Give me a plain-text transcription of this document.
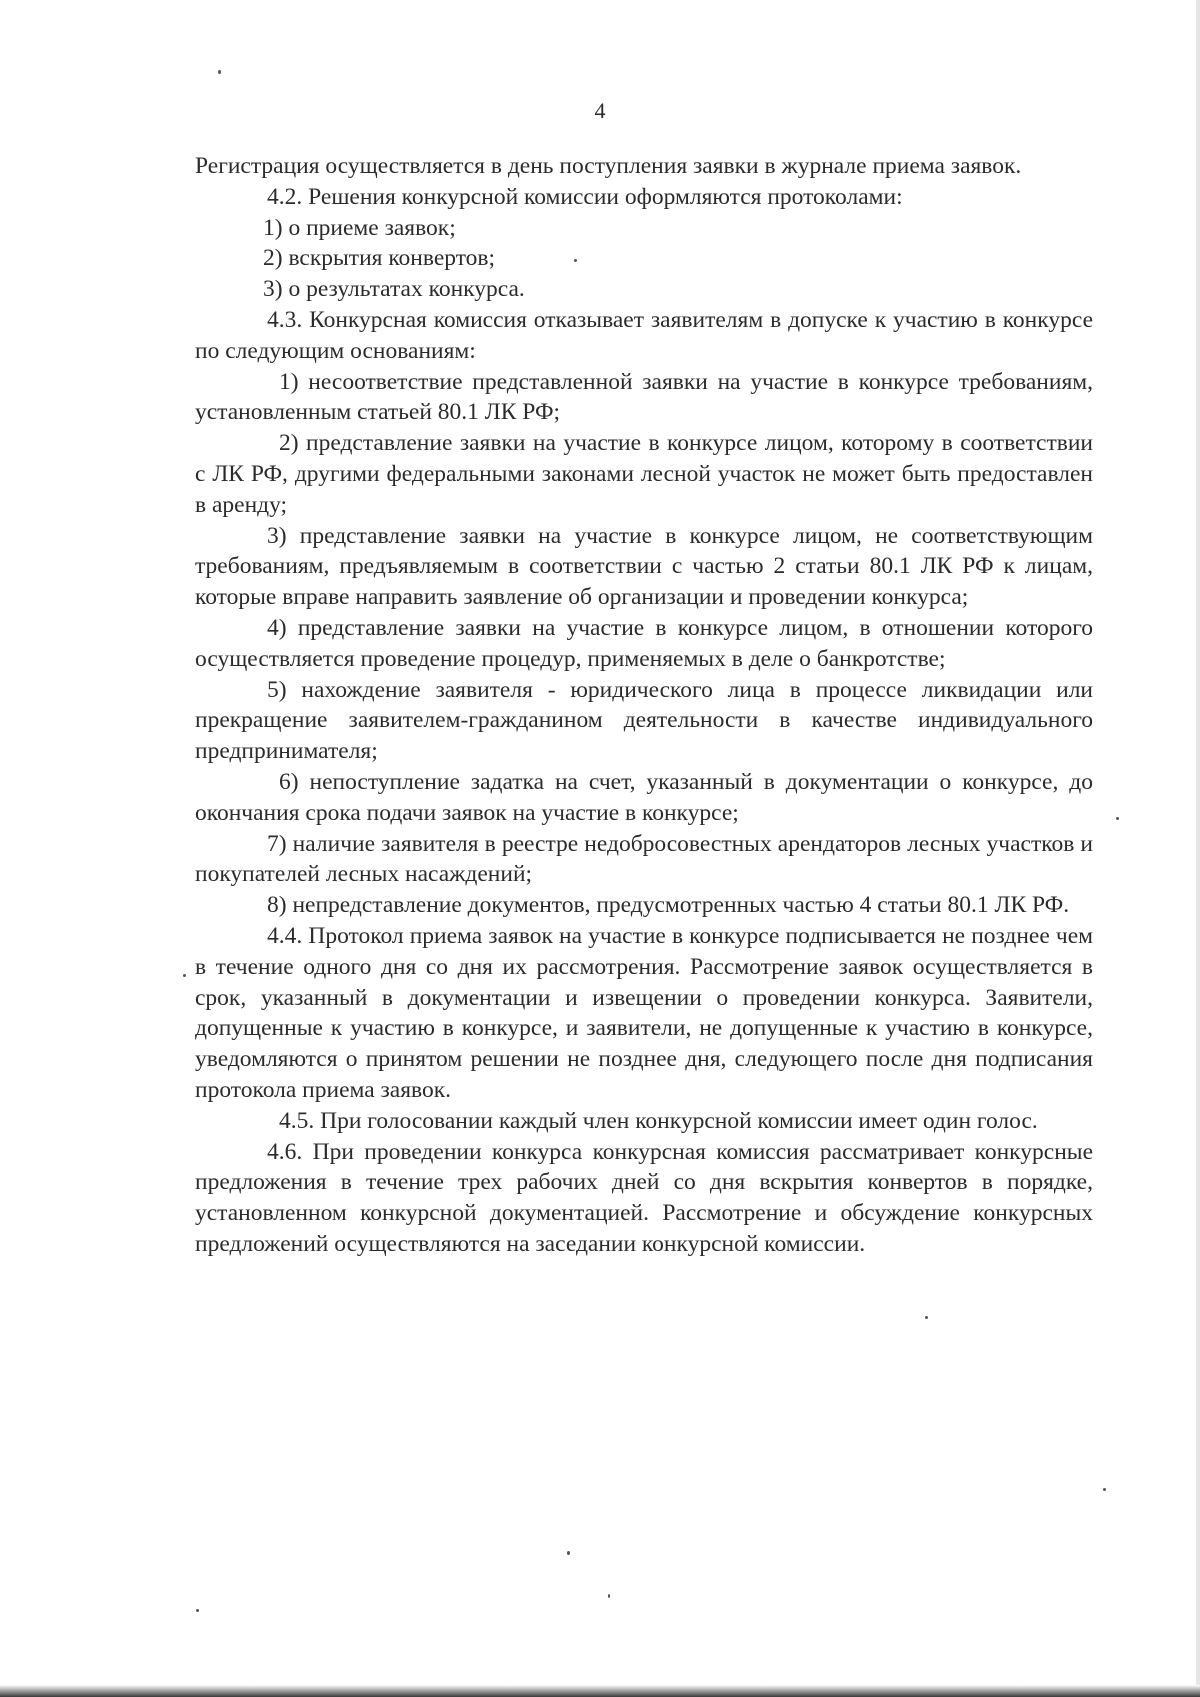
4

Регистрация осуществляется в день поступления заявки в журнале приема заявок.

4.2. Решения конкурсной комиссии оформляются протоколами:

1) о приеме заявок;

2) вскрытия конвертов;

3) о результатах конкурса.

4.3. Конкурсная комиссия отказывает заявителям в допуске к участию в конкурсе по следующим основаниям:

1) несоответствие представленной заявки на участие в конкурсе требованиям, установленным статьей 80.1 ЛК РФ;

2) представление заявки на участие в конкурсе лицом, которому в соответствии с ЛК РФ, другими федеральными законами лесной участок не может быть предоставлен в аренду;

3) представление заявки на участие в конкурсе лицом, не соответствующим требованиям, предъявляемым в соответствии с частью 2 статьи 80.1 ЛК РФ к лицам, которые вправе направить заявление об организации и проведении конкурса;

4) представление заявки на участие в конкурсе лицом, в отношении которого осуществляется проведение процедур, применяемых в деле о банкротстве;

5) нахождение заявителя - юридического лица в процессе ликвидации или прекращение заявителем-гражданином деятельности в качестве индивидуального предпринимателя;

6) непоступление задатка на счет, указанный в документации о конкурсе, до окончания срока подачи заявок на участие в конкурсе;

7) наличие заявителя в реестре недобросовестных арендаторов лесных участков и покупателей лесных насаждений;

8) непредставление документов, предусмотренных частью 4 статьи 80.1 ЛК РФ.

4.4. Протокол приема заявок на участие в конкурсе подписывается не позднее чем в течение одного дня со дня их рассмотрения. Рассмотрение заявок осуществляется в срок, указанный в документации и извещении о проведении конкурса. Заявители, допущенные к участию в конкурсе, и заявители, не допущенные к участию в конкурсе, уведомляются о принятом решении не позднее дня, следующего после дня подписания протокола приема заявок.

4.5. При голосовании каждый член конкурсной комиссии имеет один голос.

4.6. При проведении конкурса конкурсная комиссия рассматривает конкурсные предложения в течение трех рабочих дней со дня вскрытия конвертов в порядке, установленном конкурсной документацией. Рассмотрение и обсуждение конкурсных предложений осуществляются на заседании конкурсной комиссии.
